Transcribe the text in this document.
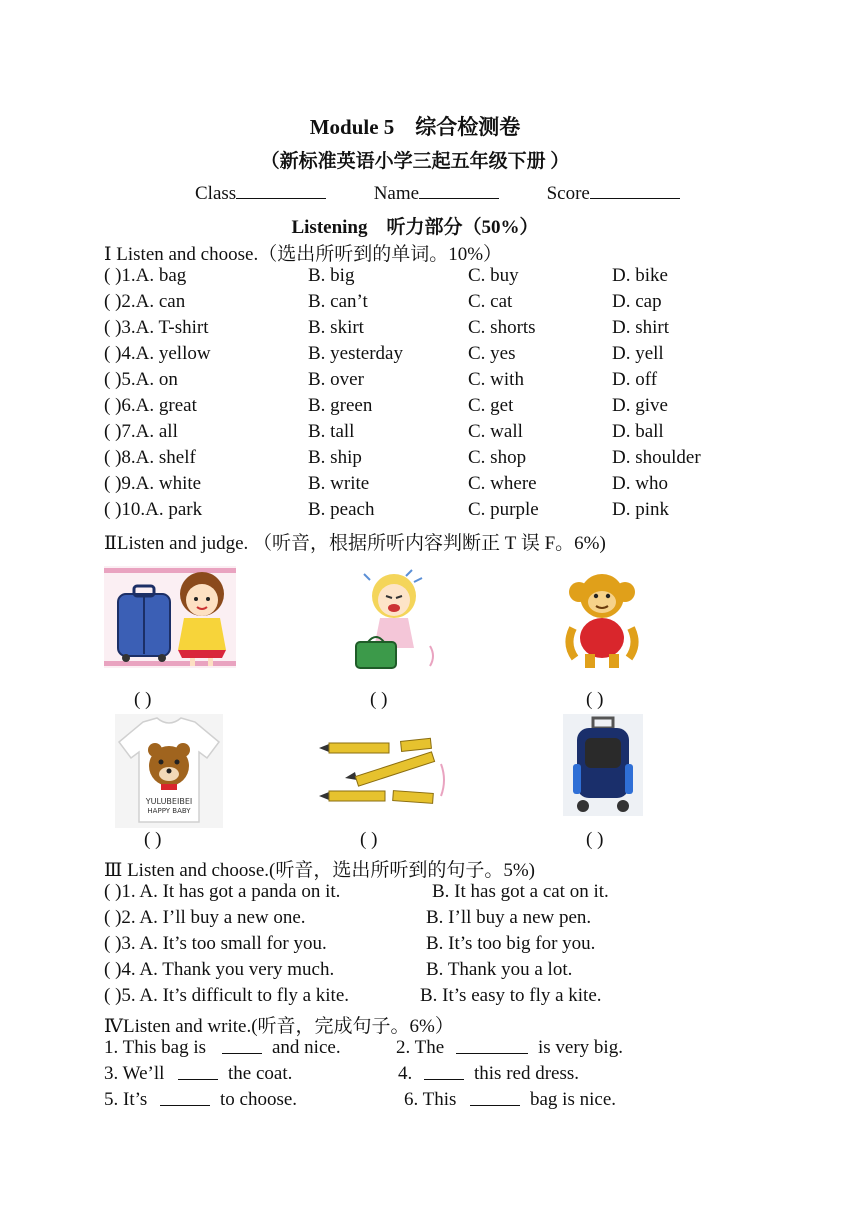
Module 5　综合检测卷
（新标准英语小学三起五年级下册 ）
Class	Name	Score
Listening　听力部分（50%）
Ⅰ Listen and choose.（选出所听到的单词。10%）
( )1.A. bag	B. big	C. buy	D. bike
( )2.A. can	B. can’t	C. cat	D. cap
( )3.A. T-shirt	B. skirt	C. shorts	D. shirt
( )4.A. yellow	B. yesterday	C. yes	D. yell
( )5.A. on	B. over	C. with	D. off
( )6.A. great	B. green	C. get	D. give
( )7.A. all	B. tall	C. wall	D. ball
( )8.A. shelf	B. ship	C. shop	D. shoulder
( )9.A. white	B. write	C. where	D. who
( )10.A. park	B. peach	C. purple	D. pink
ⅡListen and judge. （听音，根据所听内容判断正 T 误 F。6%)
( )	( )	( )
YULUBEIBEI
HAPPY BABY
( )	( )	( )
Ⅲ Listen and choose.(听音，选出所听到的句子。5%)
( )1. A. It has got a panda on it.	B. It has got a cat on it.
( )2. A. I’ll buy a new one.	B. I’ll buy a new pen.
( )3. A. It’s too small for you.	B. It’s too big for you.
( )4. A. Thank you very much.	B. Thank you a lot.
( )5. A. It’s difficult to fly a kite.	B. It’s easy to fly a kite.
ⅣListen and write.(听音，完成句子。6%）
1. This bag is	and nice.	2. The	is very big.
3. We’ll	the coat.	4.	this red dress.
5. It’s	to choose.	6. This	bag is nice.
